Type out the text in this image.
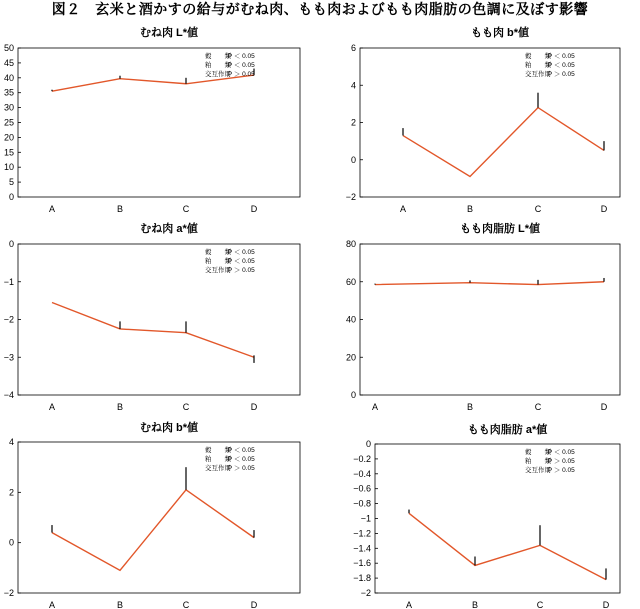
図２　玄米と酒かすの給与がむね肉、もも肉およびもも肉脂肪の色調に及ぼす影響
むね肉 L*値
0
5
10
15
20
25
30
35
40
45
50
A	B	C	D
穀　　類
:P ＜ 0.05
粕　　類
:P ＜ 0.05
交互作用
:P ＞ 0.05
もも肉 b*値
−2
0
2
4
6
A	B	C	D
穀　　類
:P ＜ 0.05
粕　　類
:P ＜ 0.05
交互作用
:P ＞ 0.05
むね肉 a*値
−4
−3
−2
−1
0
A	B	C	D
穀　　類
:P ＜ 0.05
粕　　類
:P ＜ 0.05
交互作用
:P ＞ 0.05
もも肉脂肪 L*値
0
20
40
60
80
A	B	C	D
むね肉 b*値
−2
0
2
4
A	B	C	D
穀　　類
:P ＜ 0.05
粕　　類
:P ＜ 0.05
交互作用
:P ＞ 0.05
もも肉脂肪 a*値
−2
−1.8
−1.6
−1.4
−1.2
−1
−0.8
−0.6
−0.4
−0.2
0
A	B	C	D
穀　　類
:P ＜ 0.05
粕　　類
:P ＞ 0.05
交互作用
:P ＞ 0.05
